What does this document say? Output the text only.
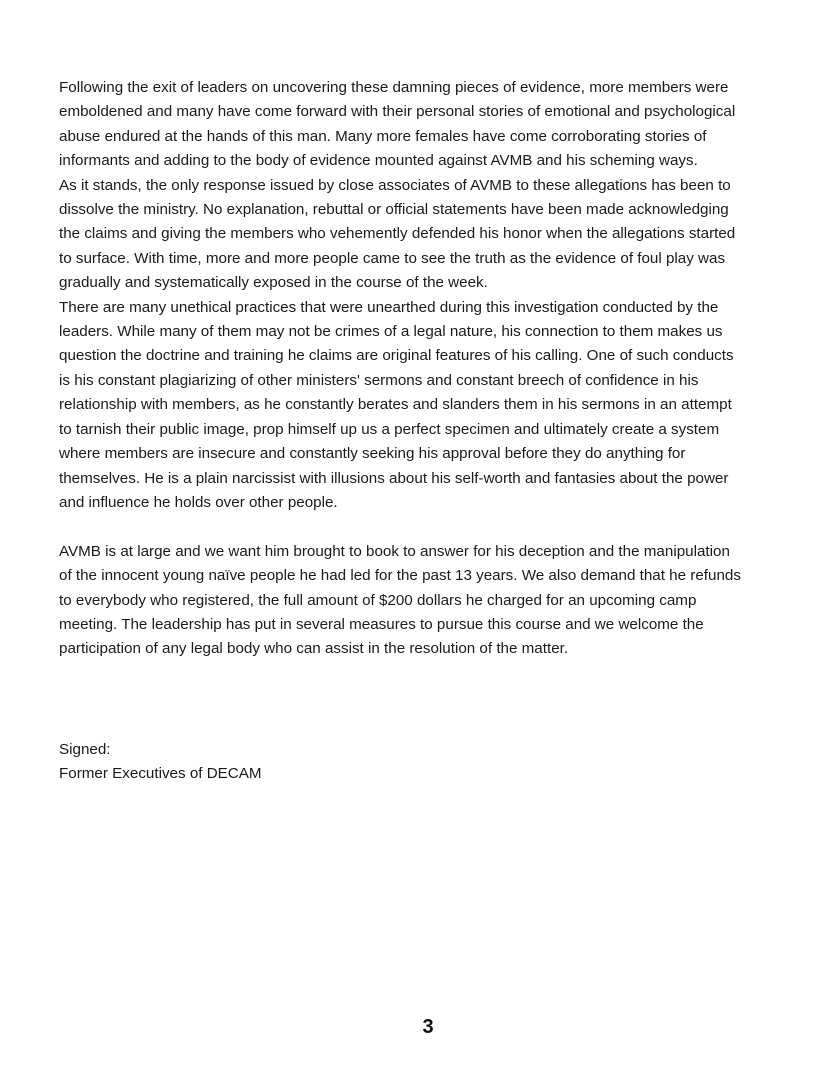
Following the exit of leaders on uncovering these damning pieces of evidence, more members were
emboldened and many have come forward with their personal stories of emotional and psychological
abuse endured at the hands of this man. Many more females have come corroborating stories of
informants and adding to the body of evidence mounted against AVMB and his scheming ways.

As it stands, the only response issued by close associates of AVMB to these allegations has been to
dissolve the ministry. No explanation, rebuttal or official statements have been made acknowledging
the claims and giving the members who vehemently defended his honor when the allegations started
to surface. With time, more and more people came to see the truth as the evidence of foul play was
gradually and systematically exposed in the course of the week.

There are many unethical practices that were unearthed during this investigation conducted by the
leaders. While many of them may not be crimes of a legal nature, his connection to them makes us
question the doctrine and training he claims are original features of his calling. One of such conducts
is his constant plagiarizing of other ministers' sermons and constant breech of confidence in his
relationship with members, as he constantly berates and slanders them in his sermons in an attempt
to tarnish their public image, prop himself up us a perfect specimen and ultimately create a system
where members are insecure and constantly seeking his approval before they do anything for
themselves. He is a plain narcissist with illusions about his self-worth and fantasies about the power
and influence he holds over other people.

AVMB is at large and we want him brought to book to answer for his deception and the manipulation
of the innocent young naïve people he had led for the past 13 years. We also demand that he refunds
to everybody who registered, the full amount of $200 dollars he charged for an upcoming camp
meeting. The leadership has put in several measures to pursue this course and we welcome the
participation of any legal body who can assist in the resolution of the matter.

Signed:
Former Executives of DECAM
3
